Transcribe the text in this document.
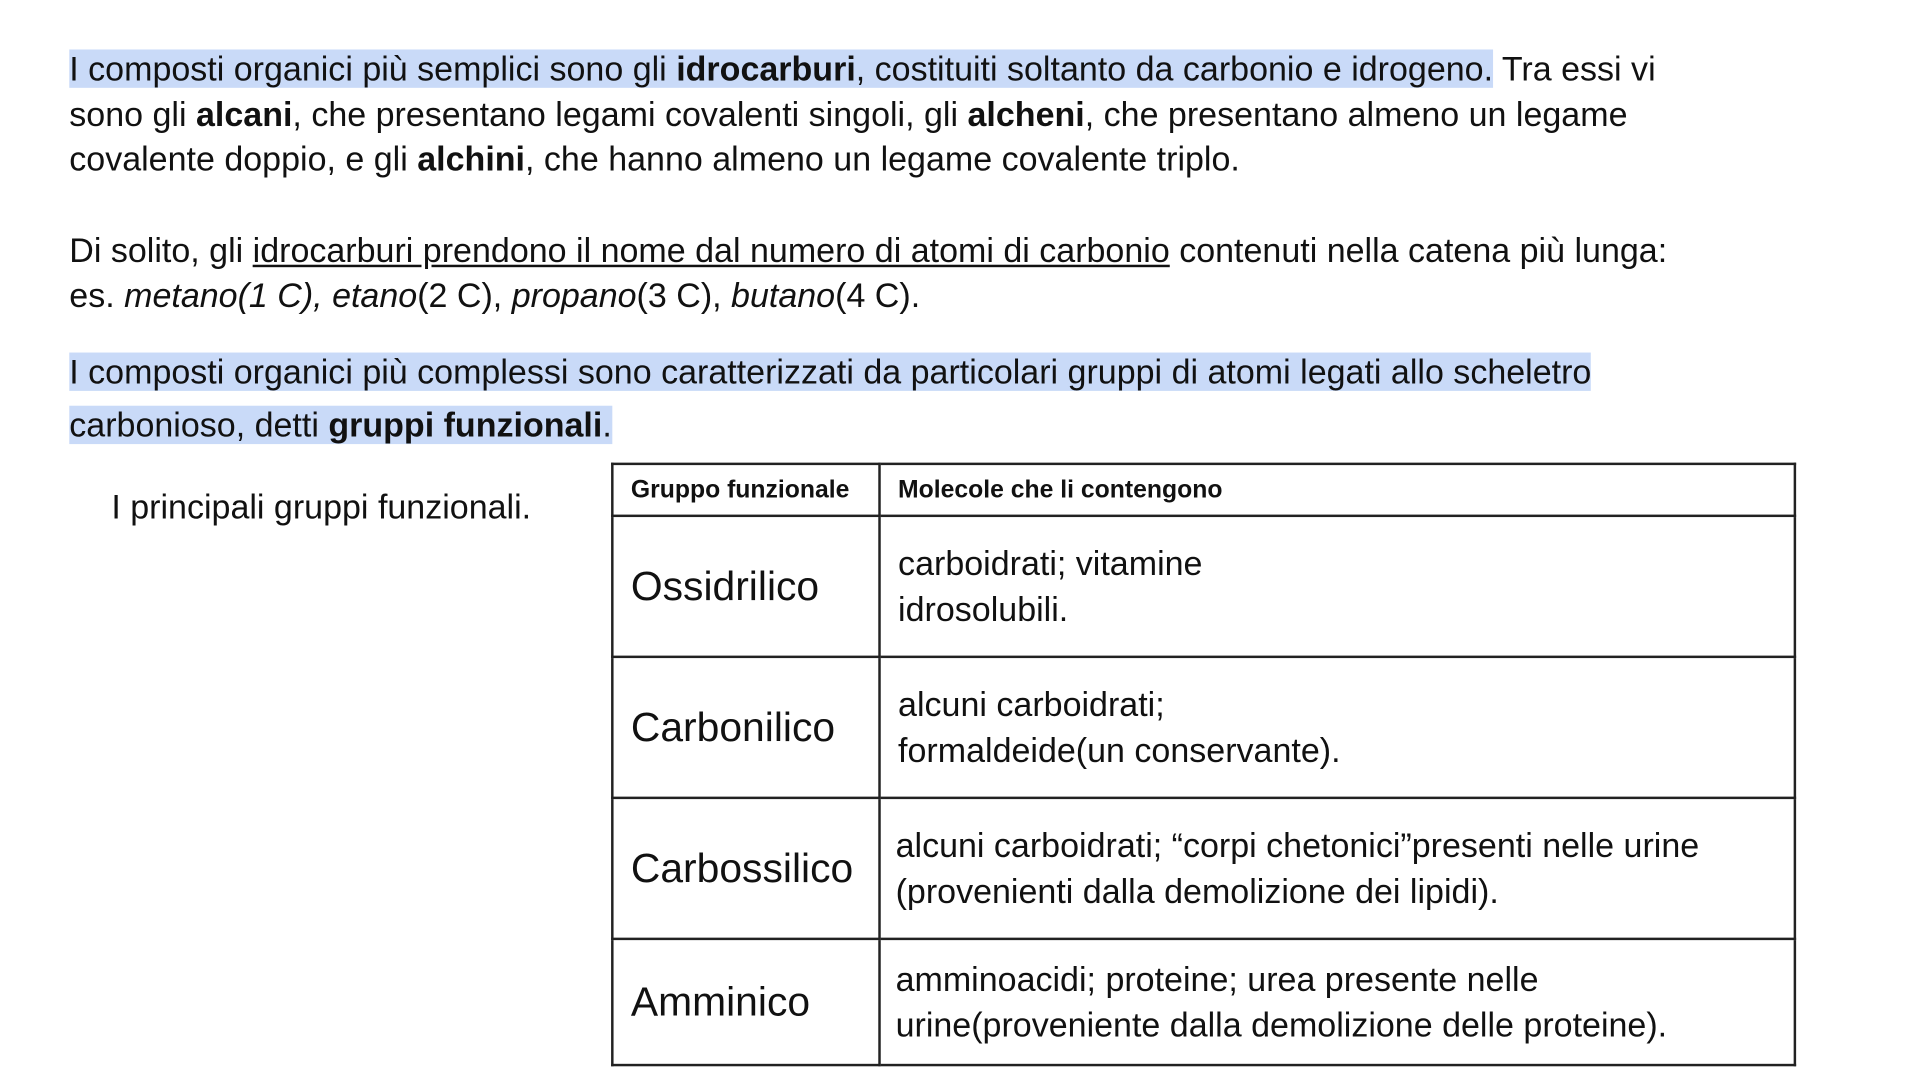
I composti organici più semplici sono gli idrocarburi, costituiti soltanto da carbonio e idrogeno. Tra essi vi
sono gli alcani, che presentano legami covalenti singoli, gli alcheni, che presentano almeno un legame
covalente doppio, e gli alchini, che hanno almeno un legame covalente triplo.
Di solito, gli idrocarburi prendono il nome dal numero di atomi di carbonio contenuti nella catena più lunga:
es. metano(1 C), etano(2 C), propano(3 C), butano(4 C).
I composti organici più complessi sono caratterizzati da particolari gruppi di atomi legati allo scheletro
carbonioso, detti gruppi funzionali.
I principali gruppi funzionali.	Gruppo funzionale	Molecole che li contengono
Ossidrilico	carboidrati; vitamine
idrosolubili.

Carbonilico	alcuni carboidrati;
formaldeide(un conservante).

Carbossilico	alcuni carboidrati; “corpi chetonici”presenti nelle urine
(provenienti dalla demolizione dei lipidi).

Amminico	amminoacidi; proteine; urea presente nelle
urine(proveniente dalla demolizione delle proteine).
